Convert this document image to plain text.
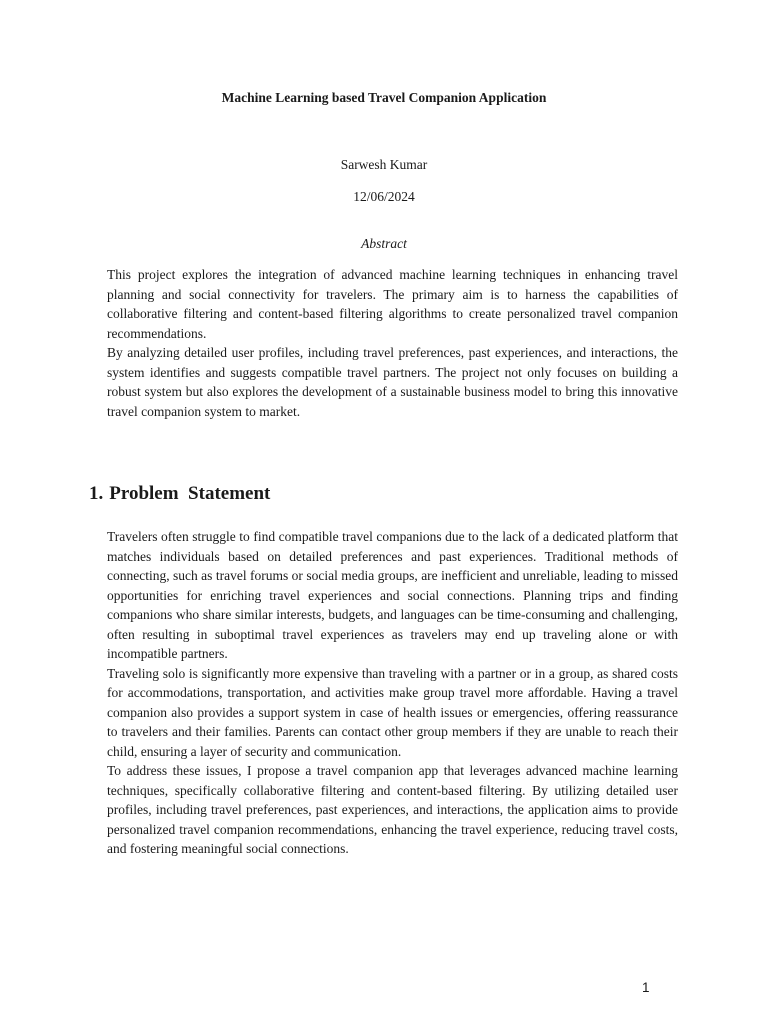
Machine Learning based Travel Companion Application
Sarwesh Kumar
12/06/2024
Abstract

This project explores the integration of advanced machine learning techniques in enhancing travel planning and social connectivity for travelers. The primary aim is to harness the capabilities of collaborative filtering and content-based filtering algorithms to create personalized travel companion recommendations.

By analyzing detailed user profiles, including travel preferences, past experiences, and interactions, the system identifies and suggests compatible travel partners. The project not only focuses on building a robust system but also explores the development of a sustainable business model to bring this innovative travel companion system to market.

1. Problem  Statement

Travelers often struggle to find compatible travel companions due to the lack of a dedicated platform that matches individuals based on detailed preferences and past experiences. Traditional methods of connecting, such as travel forums or social media groups, are inefficient and unreliable, leading to missed opportunities for enriching travel experiences and social connections. Planning trips and finding companions who share similar interests, budgets, and languages can be time-consuming and challenging, often resulting in suboptimal travel experiences as travelers may end up traveling alone or with incompatible partners.

Traveling solo is significantly more expensive than traveling with a partner or in a group, as shared costs for accommodations, transportation, and activities make group travel more affordable. Having a travel companion also provides a support system in case of health issues or emergencies, offering reassurance to travelers and their families. Parents can contact other group members if they are unable to reach their child, ensuring a layer of security and communication.

To address these issues, I propose a travel companion app that leverages advanced machine learning techniques, specifically collaborative filtering and content-based filtering. By utilizing detailed user profiles, including travel preferences, past experiences, and interactions, the application aims to provide personalized travel companion recommendations, enhancing the travel experience, reducing travel costs, and fostering meaningful social connections.

1
